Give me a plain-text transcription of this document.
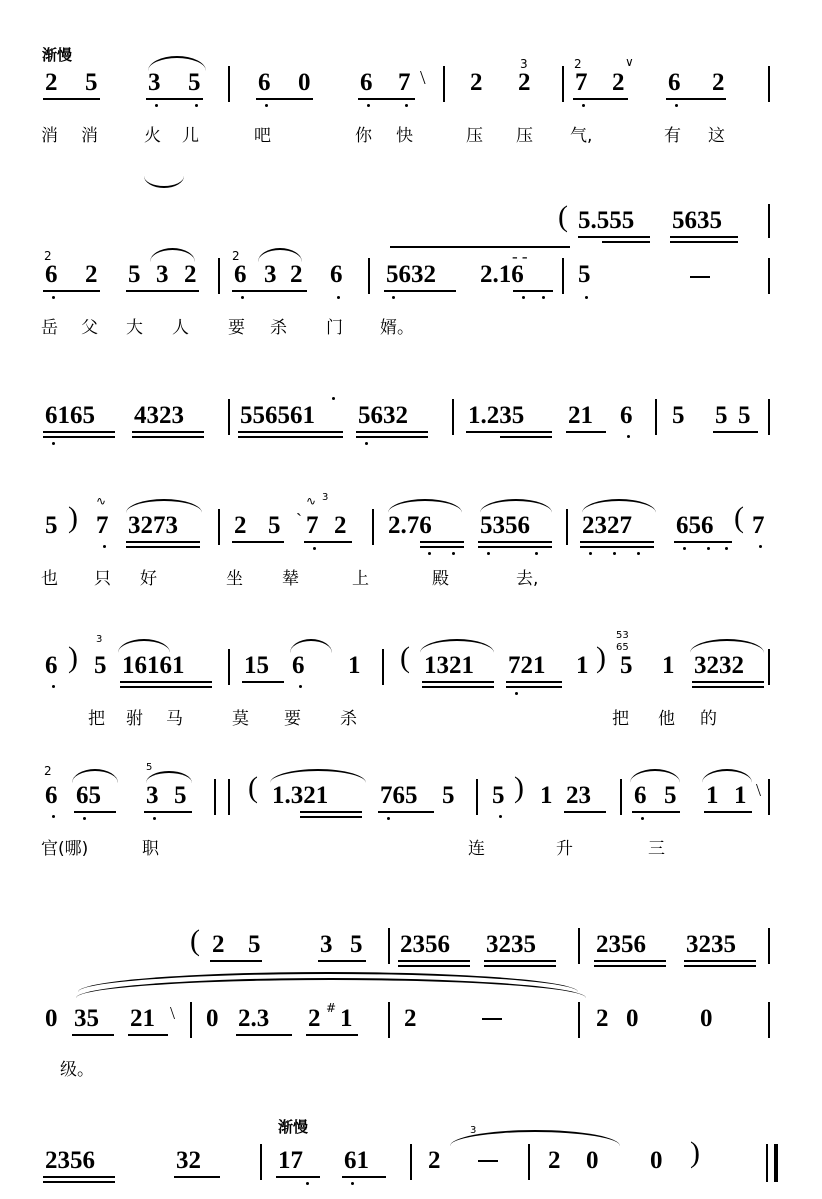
渐慢
2 5 3 5 6 0 6 7 \ 2
3
2
2
7 2
∨
6 2
消 消	火 儿	吧	你 快	压 压 气,	有 这
( 5.555 5635
2
6 2 5 3 2
2
6 3 2 6 5632 2.16
- -
5
岳 父 大 人 要 杀 门 婿。
6165 4323 556561 5632 1.235 21 6 5 5 5
5 ) ∿
7 3273 2 5
∿ 3
7 2
`	2.76 5356 2327 656 ( 7
也 只 好	坐 辇	上	殿	去,
6 )
3
5 16161 15 6 1 ( 1321 721 1 )
53
65
5 1 3232
把 驸 马	莫 要 杀	把 他 的
2
6 65
5
3 5 ( 1.321 765 5 5 ) 1 23 6 5 1 1 \
官(哪)	职	连	升	三
( 2 5 3 5 2356 3235 2356 3235
0 35 21 \ 0 2.3 2 # 1 2	2 0 0
级。
渐慢
2356	32	17 61
3
2	2 0 0 )
